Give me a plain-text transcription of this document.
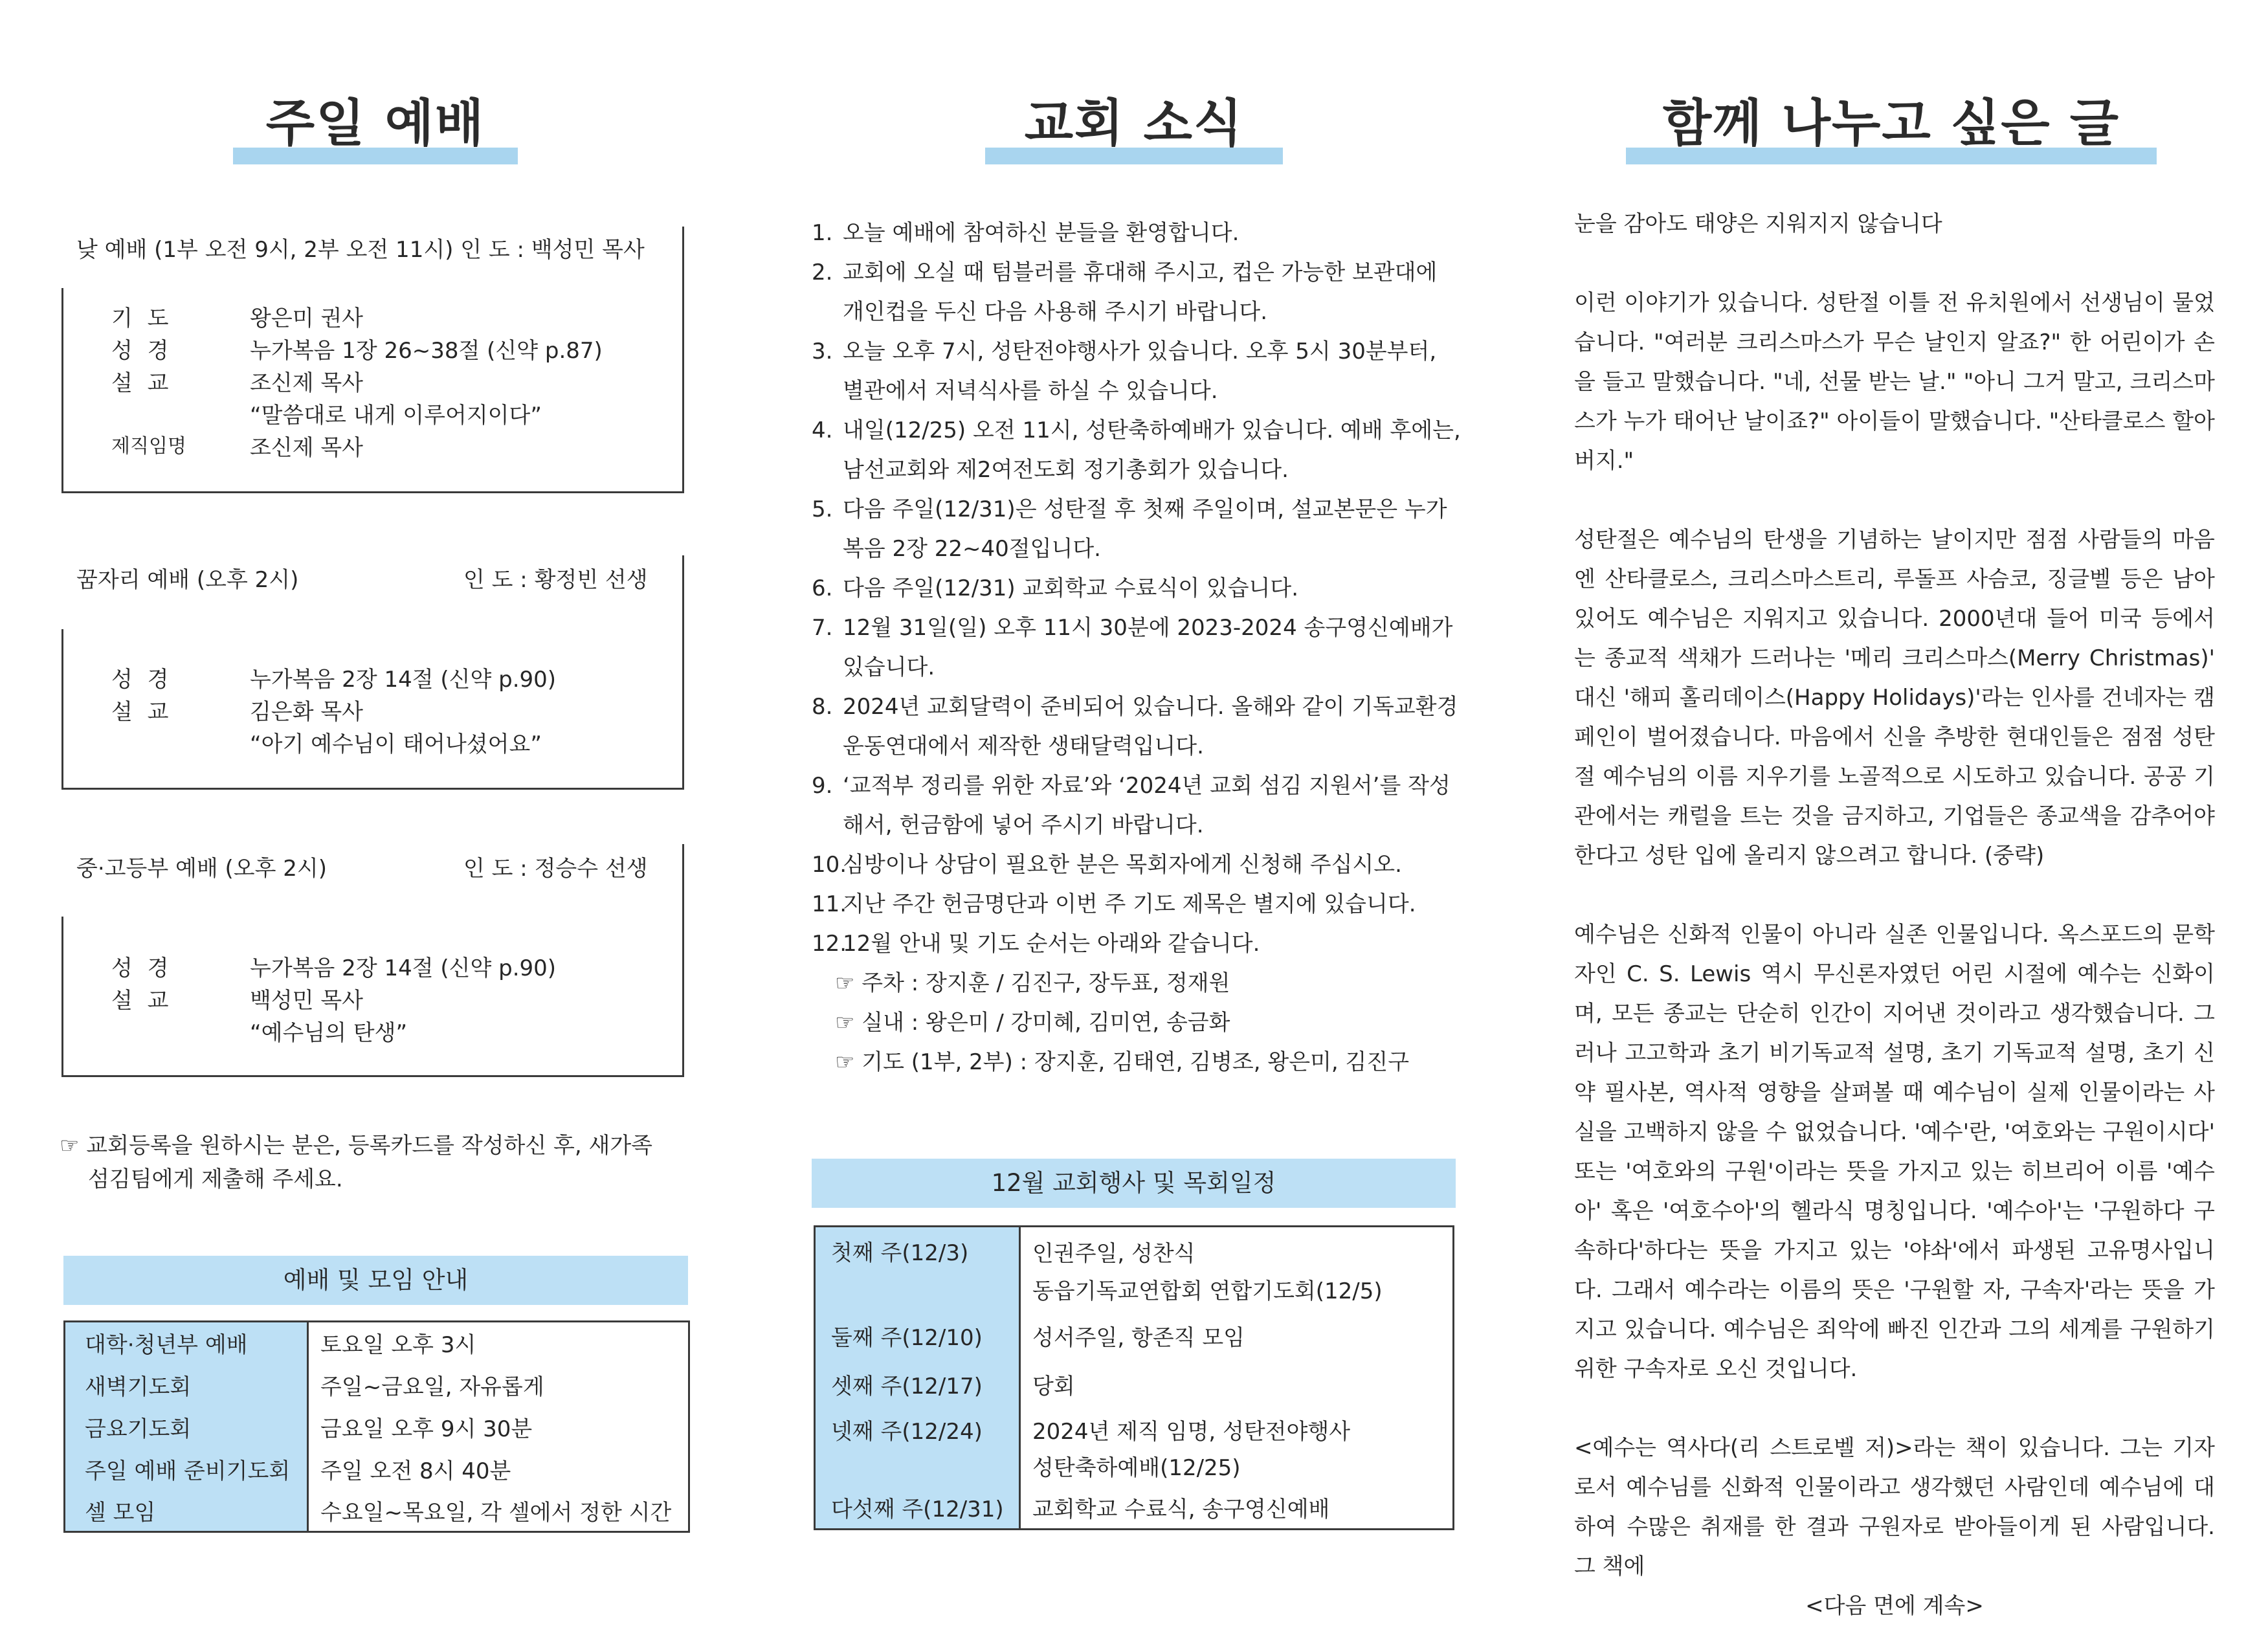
주일 예배	교회 소식	함께 나누고 싶은 글
낮 예배 (1부 오전 9시, 2부 오전 11시) 인 도 : 백성민 목사
기 도	왕은미 권사
성 경	누가복음 1장 26~38절 (신약 p.87)
설 교	조신제 목사
“말씀대로 내게 이루어지이다”
제직임명	조신제 목사
꿈자리 예배 (오후 2시)	인 도 : 황정빈 선생
성 경	누가복음 2장 14절 (신약 p.90)
설 교	김은화 목사
“아기 예수님이 태어나셨어요”
중·고등부 예배 (오후 2시)	인 도 : 정승수 선생
성 경	누가복음 2장 14절 (신약 p.90)
설 교	백성민 목사
“예수님의 탄생”
☞ 교회등록을 원하시는 분은, 등록카드를 작성하신 후, 새가족
섬김팀에게 제출해 주세요.
예배 및 모임 안내
대학·청년부 예배	토요일 오후 3시
새벽기도회	주일~금요일, 자유롭게
금요기도회	금요일 오후 9시 30분
주일 예배 준비기도회	주일 오전 8시 40분
셀 모임	수요일~목요일, 각 셀에서 정한 시간
1. 오늘 예배에 참여하신 분들을 환영합니다.
2. 교회에 오실 때 텀블러를 휴대해 주시고, 컵은 가능한 보관대에
개인컵을 두신 다음 사용해 주시기 바랍니다.
3. 오늘 오후 7시, 성탄전야행사가 있습니다. 오후 5시 30분부터,
별관에서 저녁식사를 하실 수 있습니다.
4. 내일(12/25) 오전 11시, 성탄축하예배가 있습니다. 예배 후에는,
남선교회와 제2여전도회 정기총회가 있습니다.
5. 다음 주일(12/31)은 성탄절 후 첫째 주일이며, 설교본문은 누가
복음 2장 22~40절입니다.
6. 다음 주일(12/31) 교회학교 수료식이 있습니다.
7. 12월 31일(일) 오후 11시 30분에 2023-2024 송구영신예배가
있습니다.
8. 2024년 교회달력이 준비되어 있습니다. 올해와 같이 기독교환경
운동연대에서 제작한 생태달력입니다.
9. ‘교적부 정리를 위한 자료’와 ‘2024년 교회 섬김 지원서’를 작성
해서, 헌금함에 넣어 주시기 바랍니다.
10.
심방이나 상담이 필요한 분은 목회자에게 신청해 주십시오.
11.
지난 주간 헌금명단과 이번 주 기도 제목은 별지에 있습니다.
12.
12월 안내 및 기도 순서는 아래와 같습니다.
☞ 주차 : 장지훈 / 김진구, 장두표, 정재원
☞ 실내 : 왕은미 / 강미혜, 김미연, 송금화
☞ 기도 (1부, 2부) : 장지훈, 김태연, 김병조, 왕은미, 김진구
12월 교회행사 및 목회일정
첫째 주(12/3)	인권주일, 성찬식
동읍기독교연합회 연합기도회(12/5)

둘째 주(12/10)	성서주일, 항존직 모임
셋째 주(12/17)	당회
넷째 주(12/24)	2024년 제직 임명, 성탄전야행사
성탄축하예배(12/25)

다섯째 주(12/31)	교회학교 수료식, 송구영신예배

눈을 감아도 태양은 지워지지 않습니다

이런 이야기가 있습니다. 성탄절 이틀 전 유치원에서 선생님이 물었습니다. "여러분 크리스마스가 무슨 날인지 알죠?" 한 어린이가 손을 들고 말했습니다. "네, 선물 받는 날." "아니 그거 말고, 크리스마스가 누가 태어난 날이죠?" 아이들이 말했습니다. "산타클로스 할아버지."

성탄절은 예수님의 탄생을 기념하는 날이지만 점점 사람들의 마음엔 산타클로스, 크리스마스트리, 루돌프 사슴코, 징글벨 등은 남아 있어도 예수님은 지워지고 있습니다. 2000년대 들어 미국 등에서는 종교적 색채가 드러나는 '메리 크리스마스(Merry Christmas)' 대신 '해피 홀리데이스(Happy Holidays)'라는 인사를 건네자는 캠페인이 벌어졌습니다. 마음에서 신을 추방한 현대인들은 점점 성탄절 예수님의 이름 지우기를 노골적으로 시도하고 있습니다. 공공 기관에서는 캐럴을 트는 것을 금지하고, 기업들은 종교색을 감추어야 한다고 성탄 입에 올리지 않으려고 합니다. (중략)

예수님은 신화적 인물이 아니라 실존 인물입니다. 옥스포드의 문학자인 C. S. Lewis 역시 무신론자였던 어린 시절에 예수는 신화이며, 모든 종교는 단순히 인간이 지어낸 것이라고 생각했습니다. 그러나 고고학과 초기 비기독교적 설명, 초기 기독교적 설명, 초기 신약 필사본, 역사적 영향을 살펴볼 때 예수님이 실제 인물이라는 사실을 고백하지 않을 수 없었습니다. '예수'란, '여호와는 구원이시다' 또는 '여호와의 구원'이라는 뜻을 가지고 있는 히브리어 이름 '예수아' 혹은 '여호수아'의 헬라식 명칭입니다. '예수아'는 '구원하다 구속하다'하다는 뜻을 가지고 있는 '야솨'에서 파생된 고유명사입니다. 그래서 예수라는 이름의 뜻은 '구원할 자, 구속자'라는 뜻을 가지고 있습니다. 예수님은 죄악에 빠진 인간과 그의 세계를 구원하기 위한 구속자로 오신 것입니다.

<예수는 역사다(리 스트로벨 저)>라는 책이 있습니다. 그는 기자로서 예수님를 신화적 인물이라고 생각했던 사람인데 예수님에 대하여 수많은 취재를 한 결과 구원자로 받아들이게 된 사람입니다. 그 책에

<다음 면에 계속>
